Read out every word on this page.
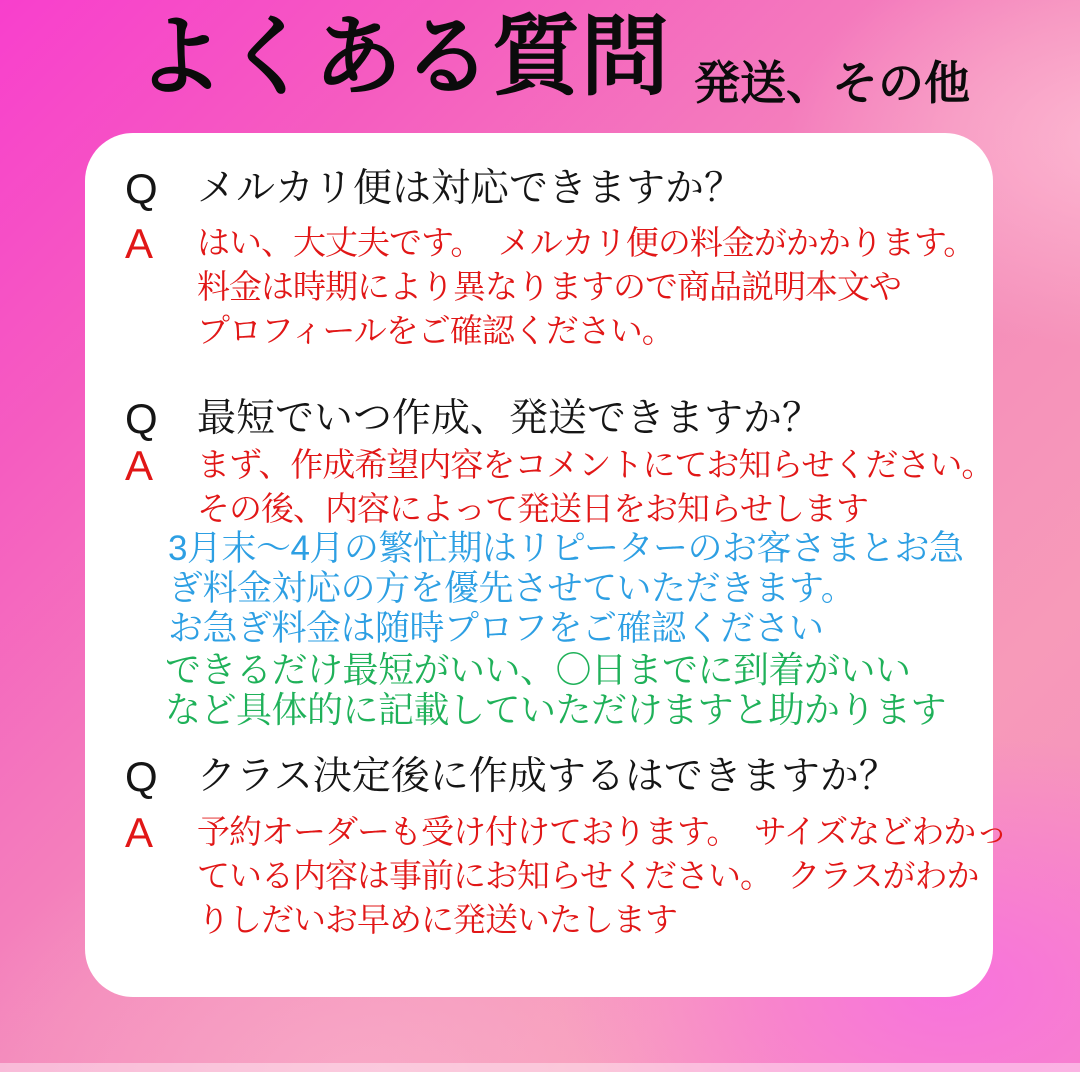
よくある質問 発送、その他
Q メルカリ便は対応できますか？
A はい、大丈夫です。　メルカリ便の料金がかかります。
料金は時期により異なりますので商品説明本文や
プロフィールをご確認ください。
Q 最短でいつ作成、発送できますか？
A まず、作成希望内容をコメントにてお知らせください。
その後、内容によって発送日をお知らせします
3月末～4月の繁忙期はリピーターのお客さまとお急
ぎ料金対応の方を優先させていただきます。
お急ぎ料金は随時プロフをご確認ください
できるだけ最短がいい、〇日までに到着がいい
など具体的に記載していただけますと助かります
Q クラス決定後に作成するはできますか？
A 予約オーダーも受け付けております。　サイズなどわかっ
ている内容は事前にお知らせください。　クラスがわか
りしだいお早めに発送いたします
